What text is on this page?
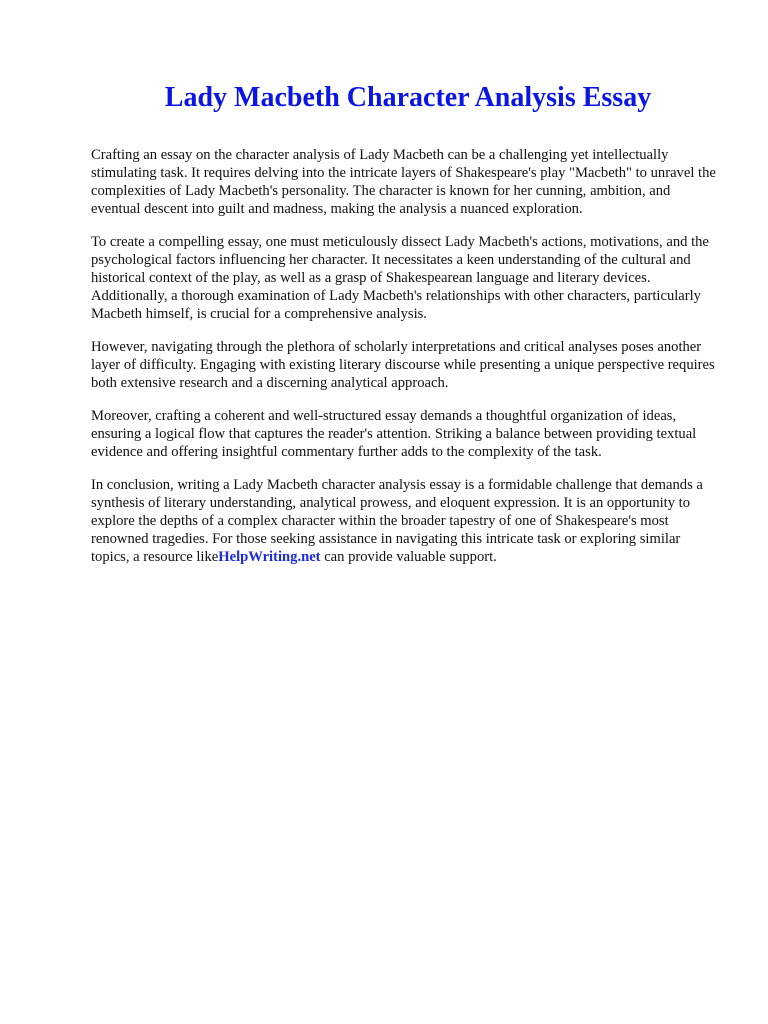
Lady Macbeth Character Analysis Essay

Crafting an essay on the character analysis of Lady Macbeth can be a challenging yet intellectually stimulating task. It requires delving into the intricate layers of Shakespeare's play "Macbeth" to unravel the complexities of Lady Macbeth's personality. The character is known for her cunning, ambition, and eventual descent into guilt and madness, making the analysis a nuanced exploration.

To create a compelling essay, one must meticulously dissect Lady Macbeth's actions, motivations, and the psychological factors influencing her character. It necessitates a keen understanding of the cultural and historical context of the play, as well as a grasp of Shakespearean language and literary devices. Additionally, a thorough examination of Lady Macbeth's relationships with other characters, particularly Macbeth himself, is crucial for a comprehensive analysis.

However, navigating through the plethora of scholarly interpretations and critical analyses poses another layer of difficulty. Engaging with existing literary discourse while presenting a unique perspective requires both extensive research and a discerning analytical approach.

Moreover, crafting a coherent and well-structured essay demands a thoughtful organization of ideas, ensuring a logical flow that captures the reader's attention. Striking a balance between providing textual evidence and offering insightful commentary further adds to the complexity of the task.

In conclusion, writing a Lady Macbeth character analysis essay is a formidable challenge that demands a synthesis of literary understanding, analytical prowess, and eloquent expression. It is an opportunity to explore the depths of a complex character within the broader tapestry of one of Shakespeare's most renowned tragedies. For those seeking assistance in navigating this intricate task or exploring similar topics, a resource likeHelpWriting.net can provide valuable support.
